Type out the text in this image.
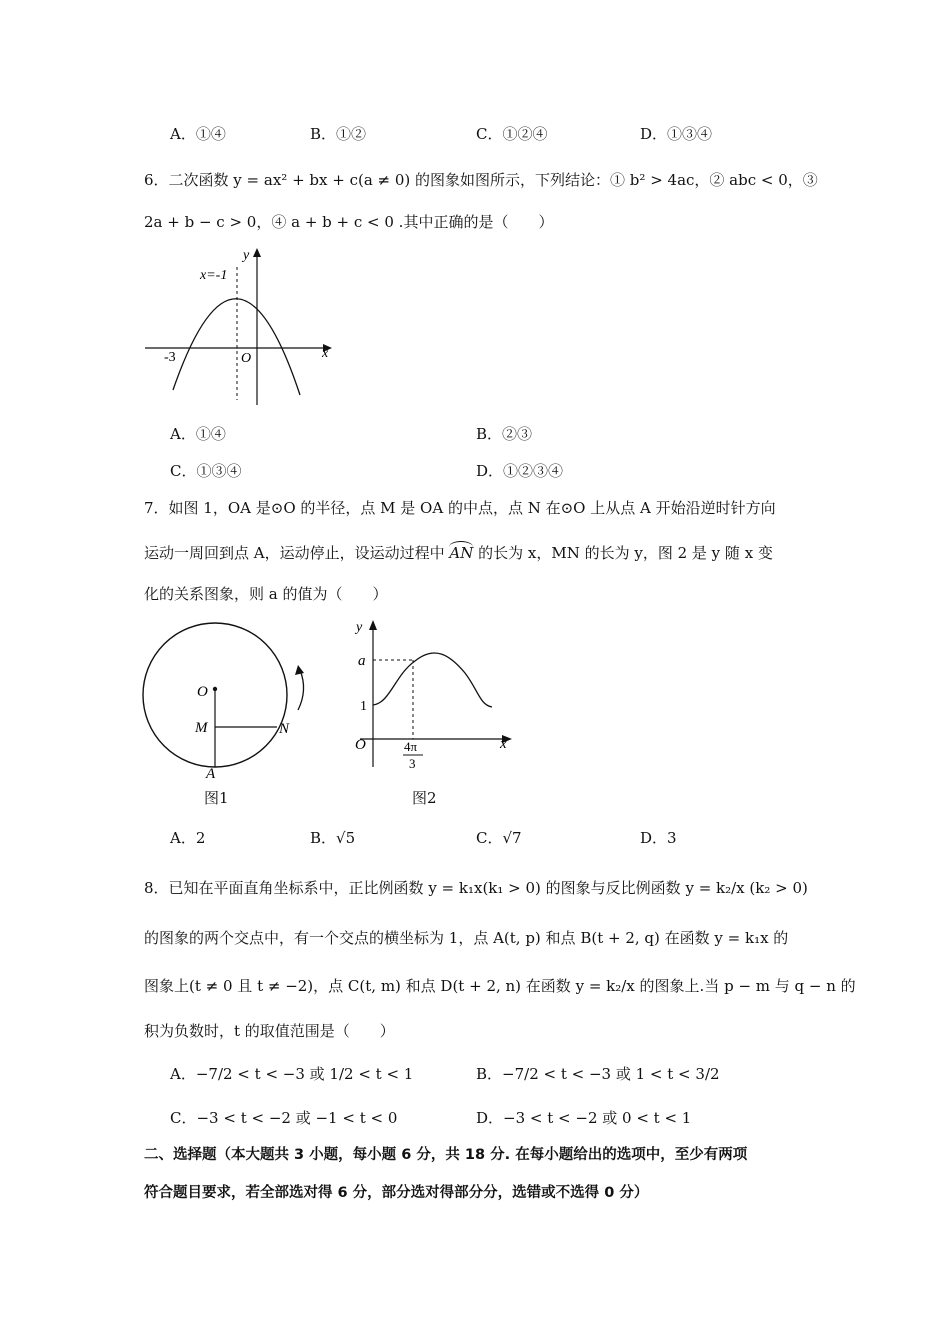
A．①④	B．①②	C．①②④	D．①③④
6．二次函数 y = ax² + bx + c(a ≠ 0) 的图象如图所示，下列结论：① b² > 4ac，② abc < 0，③
2a + b − c > 0，④ a + b + c < 0 .其中正确的是（　　）
x=-1
y
x
O
-3
A．①④	B．②③
C．①③④	D．①②③④
7．如图 1，OA 是⊙O 的半径，点 M 是 OA 的中点，点 N 在⊙O 上从点 A 开始沿逆时针方向
运动一周回到点 A，运动停止，设运动过程中 AN 的长为 x，MN 的长为 y，图 2 是 y 随 x 变
化的关系图象，则 a 的值为（　　）
O
M	N
A
图1
y
a
1
O	x
4π
3
图2
A．2	B．√5	C．√7	D．3
8．已知在平面直角坐标系中，正比例函数 y = k₁x(k₁ > 0) 的图象与反比例函数 y = k₂/x (k₂ > 0)
的图象的两个交点中，有一个交点的横坐标为 1，点 A(t, p) 和点 B(t + 2, q) 在函数 y = k₁x 的
图象上(t ≠ 0 且 t ≠ −2)，点 C(t, m) 和点 D(t + 2, n) 在函数 y = k₂/x 的图象上.当 p − m 与 q − n 的
积为负数时，t 的取值范围是（　　）
A．−7/2 < t < −3 或 1/2 < t < 1	B．−7/2 < t < −3 或 1 < t < 3/2
C．−3 < t < −2 或 −1 < t < 0	D．−3 < t < −2 或 0 < t < 1
二、选择题（本大题共 3 小题，每小题 6 分，共 18 分. 在每小题给出的选项中，至少有两项
符合题目要求，若全部选对得 6 分，部分选对得部分分，选错或不选得 0 分）
